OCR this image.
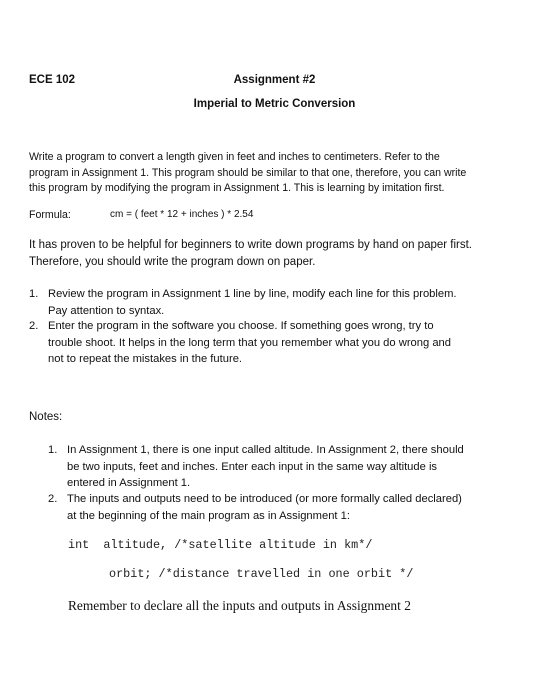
ECE 102	Assignment #2
Imperial to Metric Conversion

Write a program to convert a length given in feet and inches to centimeters. Refer to the

program in Assignment 1. This program should be similar to that one, therefore, you can write

this program by modifying the program in Assignment 1. This is learning by imitation first.

Formula:	cm = ( feet * 12 + inches ) * 2.54

It has proven to be helpful for beginners to write down programs by hand on paper first.

Therefore, you should write the program down on paper.

1. Review the program in Assignment 1 line by line, modify each line for this problem.

Pay attention to syntax.

2. Enter the program in the software you choose. If something goes wrong, try to

trouble shoot. It helps in the long term that you remember what you do wrong and

not to repeat the mistakes in the future.

Notes:
1. In Assignment 1, there is one input called altitude. In Assignment 2, there should

be two inputs, feet and inches. Enter each input in the same way altitude is

entered in Assignment 1.

2. The inputs and outputs need to be introduced (or more formally called declared)

at the beginning of the main program as in Assignment 1:

int  altitude, /*satellite altitude in km*/
orbit; /*distance travelled in one orbit */
Remember to declare all the inputs and outputs in Assignment 2
